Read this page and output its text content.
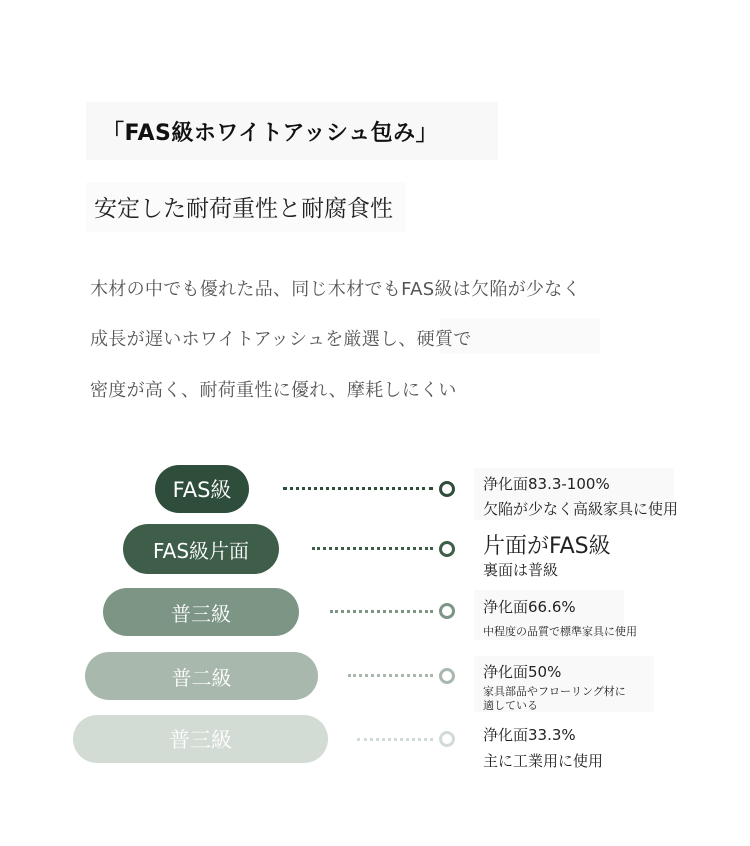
「FAS級ホワイトアッシュ包み」
安定した耐荷重性と耐腐食性
木材の中でも優れた品、同じ木材でもFAS級は欠陥が少なく
成長が遅いホワイトアッシュを厳選し、硬質で
密度が高く、耐荷重性に優れ、摩耗しにくい
FAS級	浄化面83.3-100%
欠陥が少なく高級家具に使用
FAS級片面	片面がFAS級
裏面は普級
普三級	浄化面66.6%
中程度の品質で標準家具に使用
普二級	浄化面50%
家具部品やフローリング材に
適している
普三級	浄化面33.3%
主に工業用に使用
